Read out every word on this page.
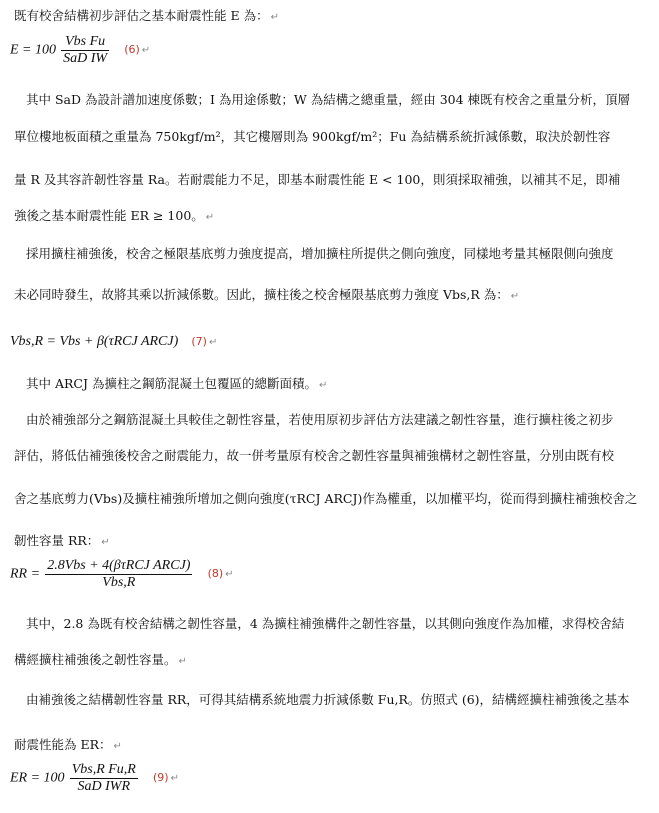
既有校舍結構初步評估之基本耐震性能 E 為： ↵
$E = 100 \frac{\text{Vbs Fu}}{\text{SaD IW}} (6)$ ↵
其中 SaD 為設計譜加速度係數；I 為用途係數；W 為結構之總重量，經由 304 棟既有校舍之重量分析，頂層
單位樓地板面積之重量為 750kgf/m²，其它樓層則為 900kgf/m²；Fu 為結構系統折減係數，取決於韌性容
量 R 及其容許韌性容量 Ra。若耐震能力不足，即基本耐震性能 E < 100，則須採取補強，以補其不足，即補
強後之基本耐震性能 ER ≥ 100。 ↵
採用擴柱補強後，校舍之極限基底剪力強度提高，增加擴柱所提供之側向強度，同樣地考量其極限側向強度
未必同時發生，故將其乘以折減係數。因此，擴柱後之校舍極限基底剪力強度 Vbs,R 為： ↵
Vbs,R = Vbs + β(τRCJ ARCJ) (7) ↵
其中 ARCJ 為擴柱之鋼筋混凝土包覆區的總斷面積。 ↵
由於補強部分之鋼筋混凝土具較佳之韌性容量，若使用原初步評估方法建議之韌性容量，進行擴柱後之初步
評估，將低估補強後校舍之耐震能力，故一併考量原有校舍之韌性容量與補強構材之韌性容量，分別由既有校
舍之基底剪力(Vbs)及擴柱補強所增加之側向強度(τRCJ ARCJ)作為權重，以加權平均，從而得到擴柱補強校舍之
韌性容量 RR： ↵
RR = $\frac{\text{2.8Vbs + 4(βτRCJ ARCJ)}}{\text{Vbs,R}} (8)$ ↵
其中，2.8 為既有校舍結構之韌性容量，4 為擴柱補強構件之韌性容量，以其側向強度作為加權，求得校舍結
構經擴柱補強後之韌性容量。 ↵
由補強後之結構韌性容量 RR，可得其結構系統地震力折減係數 Fu,R。仿照式 (6)，結構經擴柱補強後之基本
耐震性能為 ER： ↵
ER = $100 \frac{\text{Vbs,R Fu,R}}{\text{SaD IWR}} (9)$ ↵
